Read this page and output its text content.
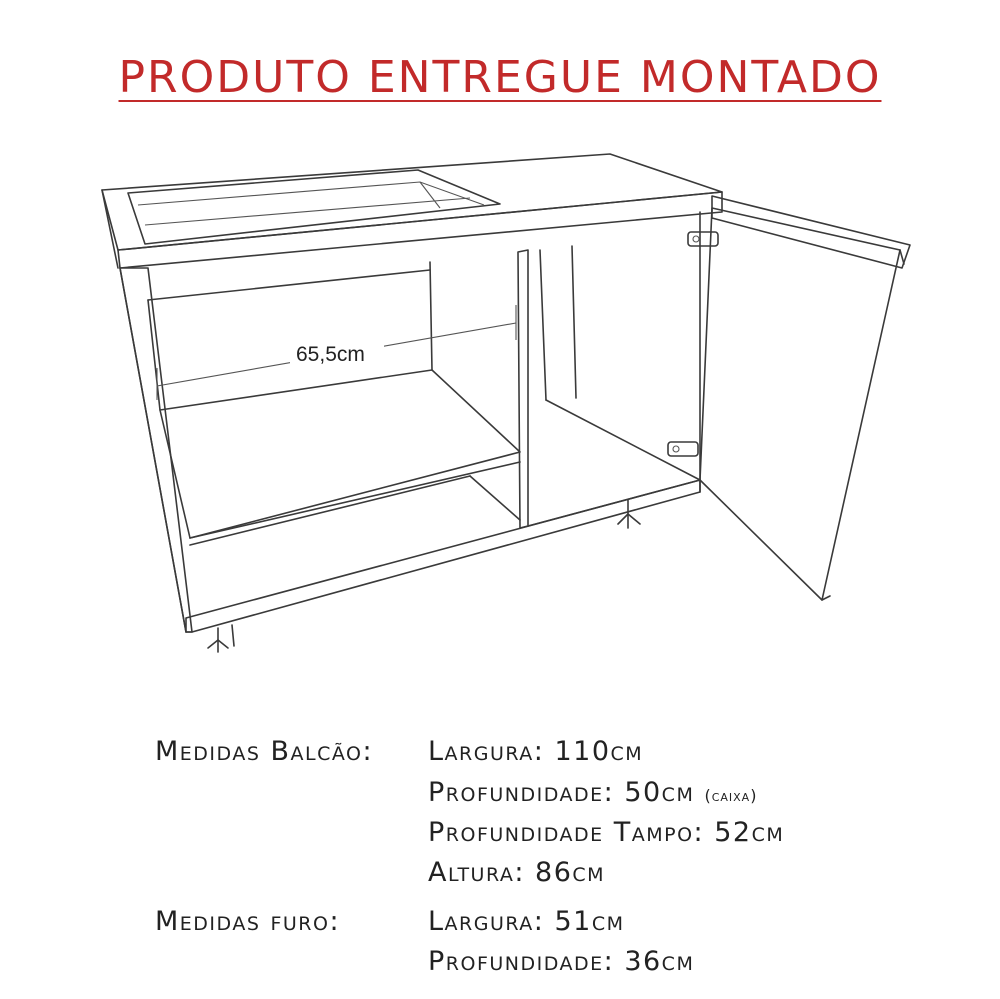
PRODUTO ENTREGUE MONTADO
65,5cm
Medidas Balcão: Largura: 110cm
Profundidade: 50cm (caixa)
Profundidade Tampo: 52cm
Altura: 86cm
Medidas furo:	Largura: 51cm
Profundidade: 36cm
